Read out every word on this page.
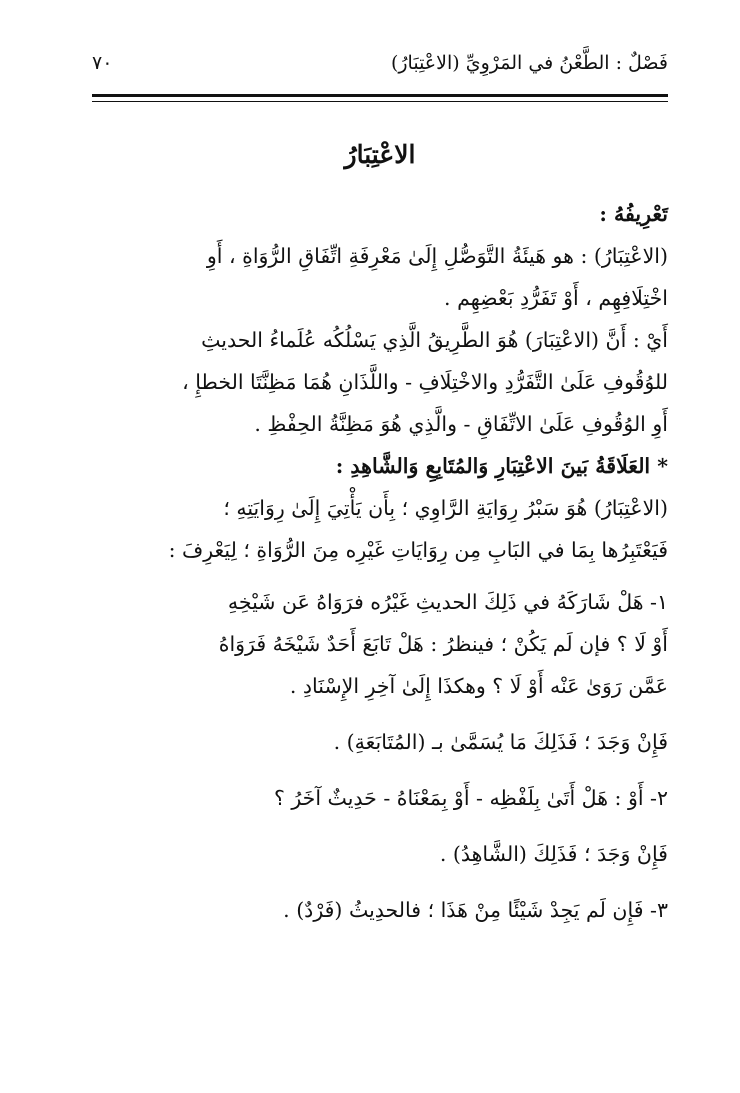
فَصْلٌ : الطَّعْنُ في المَرْوِيِّ (الاعْتِبَارُ)
٧٠
الاعْتِبَارُ
تَعْرِيفُهُ :
(الاعْتِبَارُ) : هو هَيئَةُ التَّوَصُّلِ إِلَىٰ مَعْرِفَةِ اتِّفَاقِ الرُّوَاةِ ، أَوِ
اخْتِلَافِهِم ، أَوْ تَفَرُّدِ بَعْضِهِم .
أَيْ : أَنَّ (الاعْتِبَارَ) هُوَ الطَّرِيقُ الَّذِي يَسْلُكُه عُلَماءُ الحديثِ
للوُقُوفِ عَلَىٰ التَّفَرُّدِ والاخْتِلَافِ - واللَّذَانِ هُمَا مَظِنَّتَا الخطإِ ،
أَوِ الوُقُوفِ عَلَىٰ الاتِّفَاقِ - والَّذِي هُوَ مَظِنَّةُ الحِفْظِ .
* العَلَاقَةُ بَينَ الاعْتِبَارِ وَالمُتَابِعِ وَالشَّاهِدِ :
(الاعْتِبَارُ) هُوَ سَبْرُ رِوَايَةِ الرَّاوِي ؛ بِأَن يَأْتِيَ إِلَىٰ رِوَايَتِهِ ؛
فَيَعْتَبِرُها بِمَا في البَابِ مِن رِوَايَاتِ غَيْرِه مِنَ الرُّوَاةِ ؛ لِيَعْرِفَ :
١- هَلْ شَارَكَهُ في ذَلِكَ الحديثِ غَيْرُه فرَوَاهُ عَن شَيْخِهِ
أَوْ لَا ؟ فإن لَم يَكُنْ ؛ فينظرُ : هَلْ تَابَعَ أَحَدٌ شَيْخَهُ فَرَوَاهُ
عَمَّن رَوَىٰ عَنْه أَوْ لَا ؟ وهكذَا إِلَىٰ آخِرِ الإِسْنَادِ .
فَإِنْ وَجَدَ ؛ فَذَلِكَ مَا يُسَمَّىٰ بـ (المُتَابَعَةِ) .
٢- أَوْ : هَلْ أَتَىٰ بِلَفْظِه - أَوْ بِمَعْنَاهُ - حَدِيثٌ آخَرُ ؟
فَإِنْ وَجَدَ ؛ فَذَلِكَ (الشَّاهِدُ) .
٣- فَإِن لَم يَجِدْ شَيْئًا مِنْ هَذَا ؛ فالحدِيثُ (فَرْدٌ) .
